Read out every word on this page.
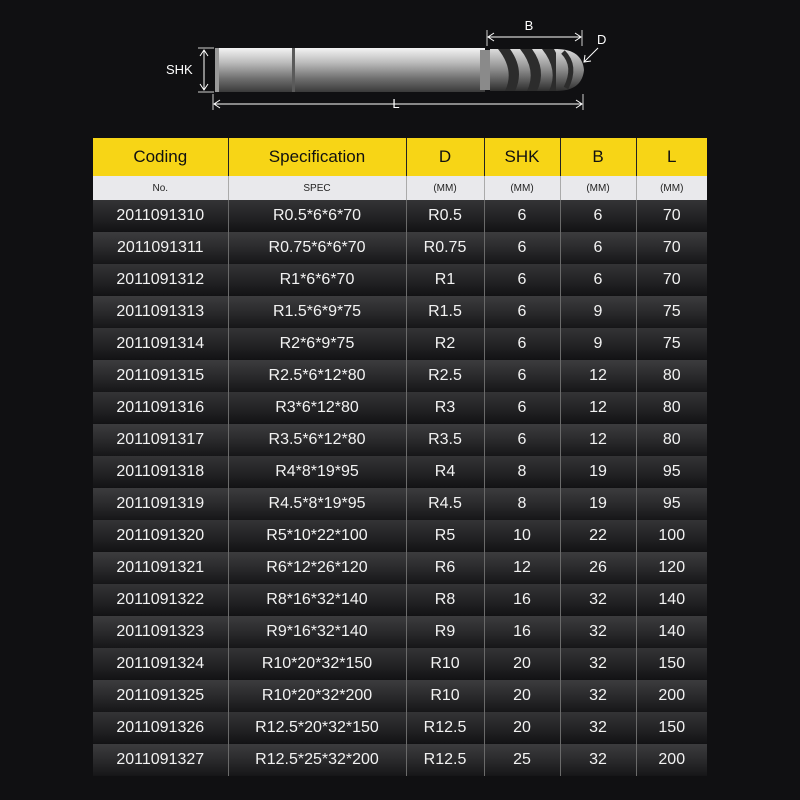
SHK
L
B
D
Coding	Specification	D	SHK	B	L
No.	SPEC	(MM)	(MM)	(MM)	(MM)
2011091310	R0.5*6*6*70	R0.5	6	6	70
2011091311	R0.75*6*6*70	R0.75	6	6	70
2011091312	R1*6*6*70	R1	6	6	70
2011091313	R1.5*6*9*75	R1.5	6	9	75
2011091314	R2*6*9*75	R2	6	9	75
2011091315	R2.5*6*12*80	R2.5	6	12	80
2011091316	R3*6*12*80	R3	6	12	80
2011091317	R3.5*6*12*80	R3.5	6	12	80
2011091318	R4*8*19*95	R4	8	19	95
2011091319	R4.5*8*19*95	R4.5	8	19	95
2011091320	R5*10*22*100	R5	10	22	100
2011091321	R6*12*26*120	R6	12	26	120
2011091322	R8*16*32*140	R8	16	32	140
2011091323	R9*16*32*140	R9	16	32	140
2011091324	R10*20*32*150	R10	20	32	150
2011091325	R10*20*32*200	R10	20	32	200
2011091326	R12.5*20*32*150	R12.5	20	32	150
2011091327	R12.5*25*32*200	R12.5	25	32	200
